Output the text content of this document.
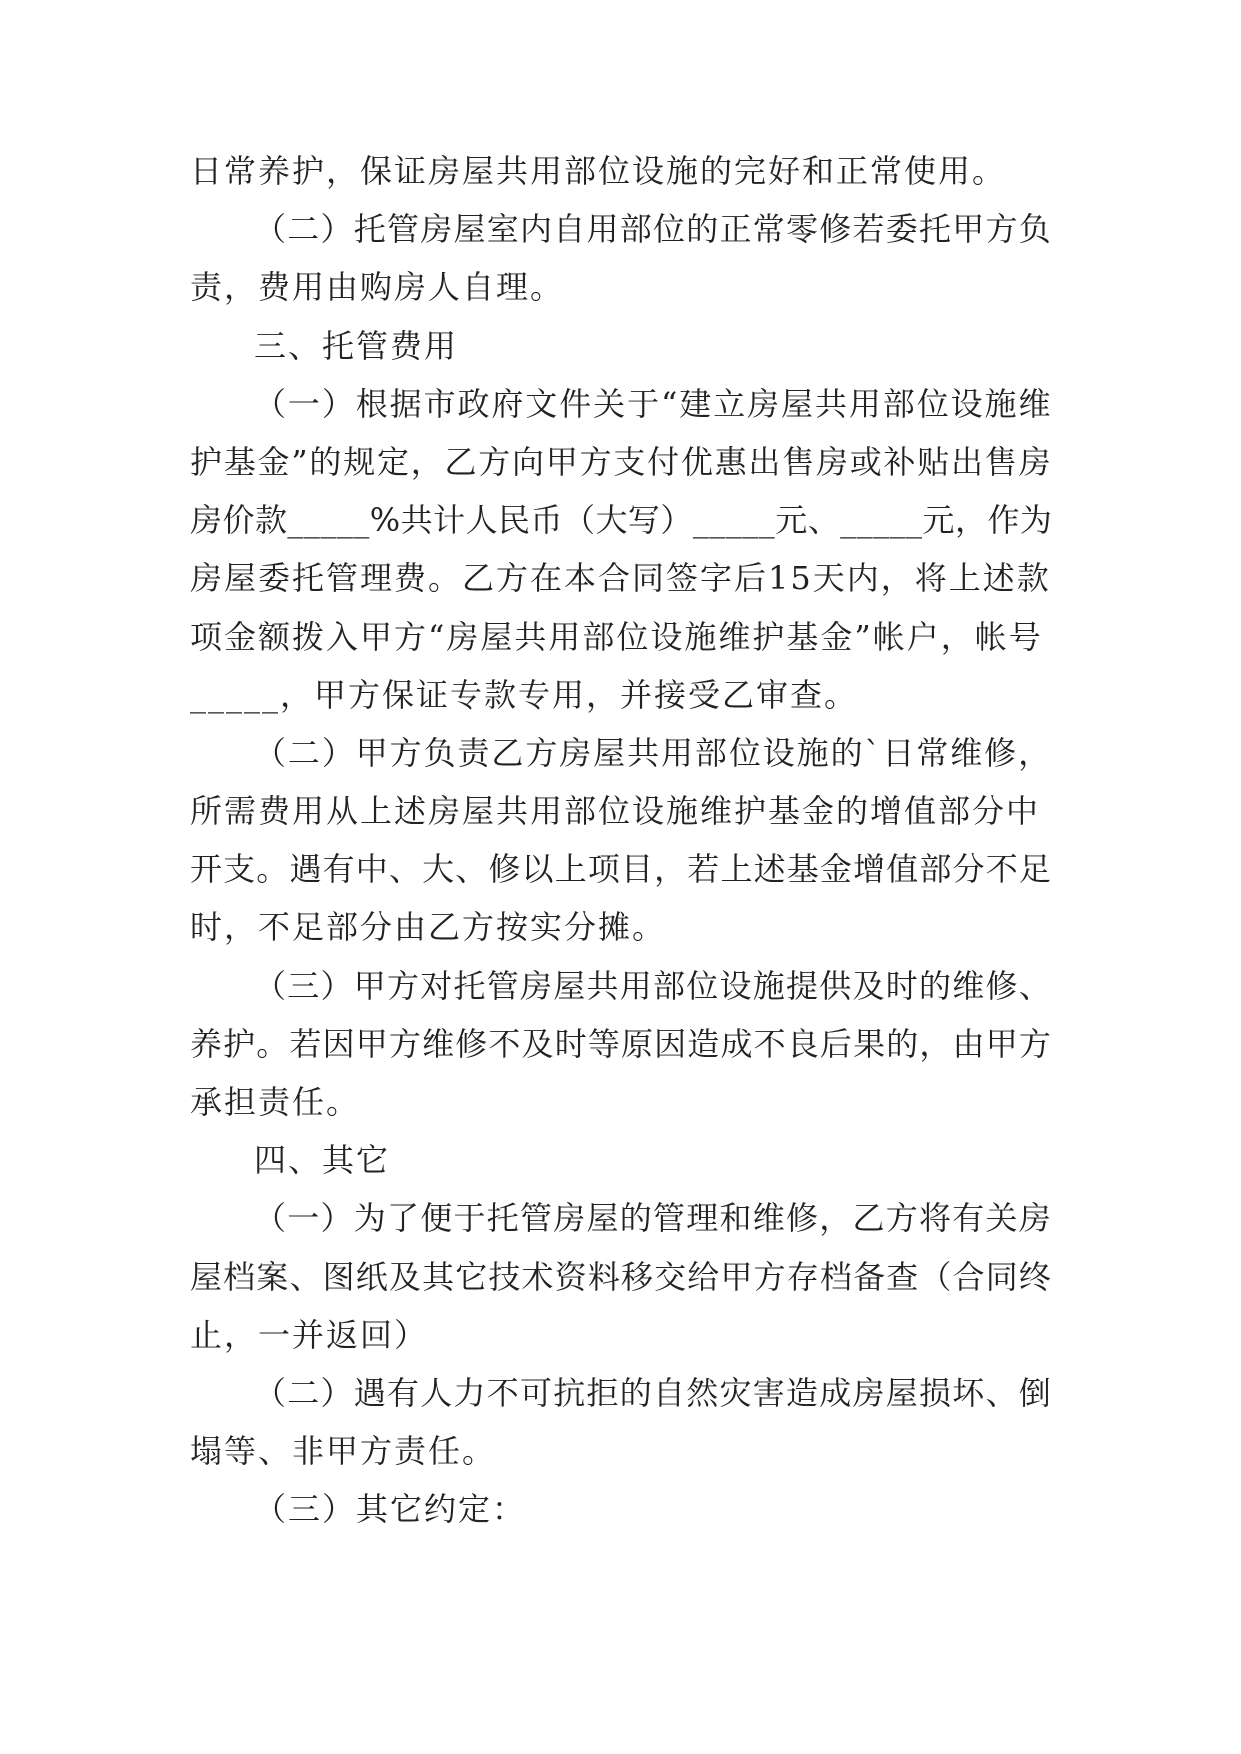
日常养护，保证房屋共用部位设施的完好和正常使用。
（二）托管房屋室内自用部位的正常零修若委托甲方负
责，费用由购房人自理。
三、托管费用
（一）根据市政府文件关于“建立房屋共用部位设施维
护基金”的规定，乙方向甲方支付优惠出售房或补贴出售房
房价款_____%共计人民币（大写）_____元、_____元，作为
房屋委托管理费。乙方在本合同签字后15天内，将上述款
项金额拨入甲方“房屋共用部位设施维护基金”帐户，帐号
_____，甲方保证专款专用，并接受乙审查。
（二）甲方负责乙方房屋共用部位设施的`日常维修，
所需费用从上述房屋共用部位设施维护基金的增值部分中
开支。遇有中、大、修以上项目，若上述基金增值部分不足
时，不足部分由乙方按实分摊。
（三）甲方对托管房屋共用部位设施提供及时的维修、
养护。若因甲方维修不及时等原因造成不良后果的，由甲方
承担责任。
四、其它
（一）为了便于托管房屋的管理和维修，乙方将有关房
屋档案、图纸及其它技术资料移交给甲方存档备查（合同终
止，一并返回）
（二）遇有人力不可抗拒的自然灾害造成房屋损坏、倒
塌等、非甲方责任。
（三）其它约定：
